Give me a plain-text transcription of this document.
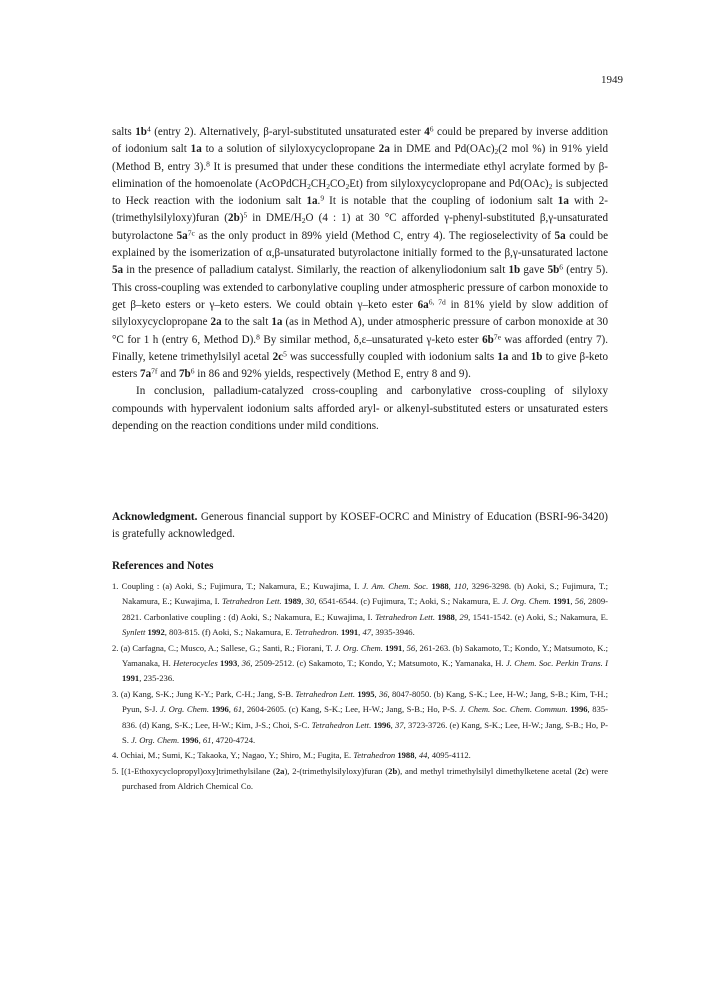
1949

salts $1b^4$ (entry 2). Alternatively, β-aryl-substituted unsaturated ester $4^6$ could be prepared by inverse addition of iodonium salt 1a to a solution of silyloxycyclopropane 2a in DME and $Pd(OAc)_2(2$ mol %) in 91% yield (Method B, entry 3).$^8$ It is presumed that under these conditions the intermediate ethyl acrylate formed by β-elimination of the homoenolate $(AcOPdCH_2CH_2CO_2Et)$ from silyloxycyclopropane and $Pd(OAc)_2$ is subjected to Heck reaction with the iodonium salt 1a.$^9$ It is notable that the coupling of iodonium salt 1a with 2-(trimethylsilyloxy)furan $(2b)^5$ in DME/$H_2O$ (4 : 1) at 30 °C afforded γ-phenyl-substituted β,γ-unsaturated butyrolactone $5a^{7c}$ as the only product in 89% yield (Method C, entry 4). The regioselectivity of 5a could be explained by the isomerization of α,β-unsaturated butyrolactone initially formed to the β,γ-unsaturated lactone 5a in the presence of palladium catalyst. Similarly, the reaction of alkenyliodonium salt 1b gave $5b^6$ (entry 5). This cross-coupling was extended to carbonylative coupling under atmospheric pressure of carbon monoxide to get β–keto esters or γ–keto esters. We could obtain γ–keto ester $6a^{6, 7d}$ in 81% yield by slow addition of silyloxycyclopropane 2a to the salt 1a (as in Method A), under atmospheric pressure of carbon monoxide at 30 °C for 1 h (entry 6, Method D).$^8$ By similar method, δ,ε–unsaturated γ-keto ester $6b^{7e}$ was afforded (entry 7). Finally, ketene trimethylsilyl acetal $2c^5$ was successfully coupled with iodonium salts 1a and 1b to give β-keto esters $7a^{7f}$ and $7b^6$ in 86 and 92% yields, respectively (Method E, entry 8 and 9).

In conclusion, palladium-catalyzed cross-coupling and carbonylative cross-coupling of silyloxy compounds with hypervalent iodonium salts afforded aryl- or alkenyl-substituted esters or unsaturated esters depending on the reaction conditions under mild conditions.

Acknowledgment. Generous financial support by KOSEF-OCRC and Ministry of Education (BSRI-96-3420) is gratefully acknowledged.

References and Notes
1. Coupling : (a) Aoki, S.; Fujimura, T.; Nakamura, E.; Kuwajima, I. J. Am. Chem. Soc. 1988, 110, 3296-3298. (b) Aoki, S.; Fujimura, T.; Nakamura, E.; Kuwajima, I. Tetrahedron Lett. 1989, 30, 6541-6544. (c) Fujimura, T.; Aoki, S.; Nakamura, E. J. Org. Chem. 1991, 56, 2809-2821. Carbonlative coupling : (d) Aoki, S.; Nakamura, E.; Kuwajima, I. Tetrahedron Lett. 1988, 29, 1541-1542. (e) Aoki, S.; Nakamura, E. Synlett 1992, 803-815. (f) Aoki, S.; Nakamura, E. Tetrahedron. 1991, 47, 3935-3946.
2. (a) Carfagna, C.; Musco, A.; Sallese, G.; Santi, R.; Fiorani, T. J. Org. Chem. 1991, 56, 261-263. (b) Sakamoto, T.; Kondo, Y.; Matsumoto, K.; Yamanaka, H. Heterocycles 1993, 36, 2509-2512. (c) Sakamoto, T.; Kondo, Y.; Matsumoto, K.; Yamanaka, H. J. Chem. Soc. Perkin Trans. I 1991, 235-236.
3. (a) Kang, S-K.; Jung K-Y.; Park, C-H.; Jang, S-B. Tetrahedron Lett. 1995, 36, 8047-8050. (b) Kang, S-K.; Lee, H-W.; Jang, S-B.; Kim, T-H.; Pyun, S-J. J. Org. Chem. 1996, 61, 2604-2605. (c) Kang, S-K.; Lee, H-W.; Jang, S-B.; Ho, P-S. J. Chem. Soc. Chem. Commun. 1996, 835-836. (d) Kang, S-K.; Lee, H-W.; Kim, J-S.; Choi, S-C. Tetrahedron Lett. 1996, 37, 3723-3726. (e) Kang, S-K.; Lee, H-W.; Jang, S-B.; Ho, P-S. J. Org. Chem. 1996, 61, 4720-4724.
4. Ochiai, M.; Sumi, K.; Takaoka, Y.; Nagao, Y.; Shiro, M.; Fugita, E. Tetrahedron 1988, 44, 4095-4112.
5. [(1-Ethoxycyclopropyl)oxy]trimethylsilane (2a), 2-(trimethylsilyloxy)furan (2b), and methyl trimethylsilyl dimethylketene acetal (2c) were purchased from Aldrich Chemical Co.
